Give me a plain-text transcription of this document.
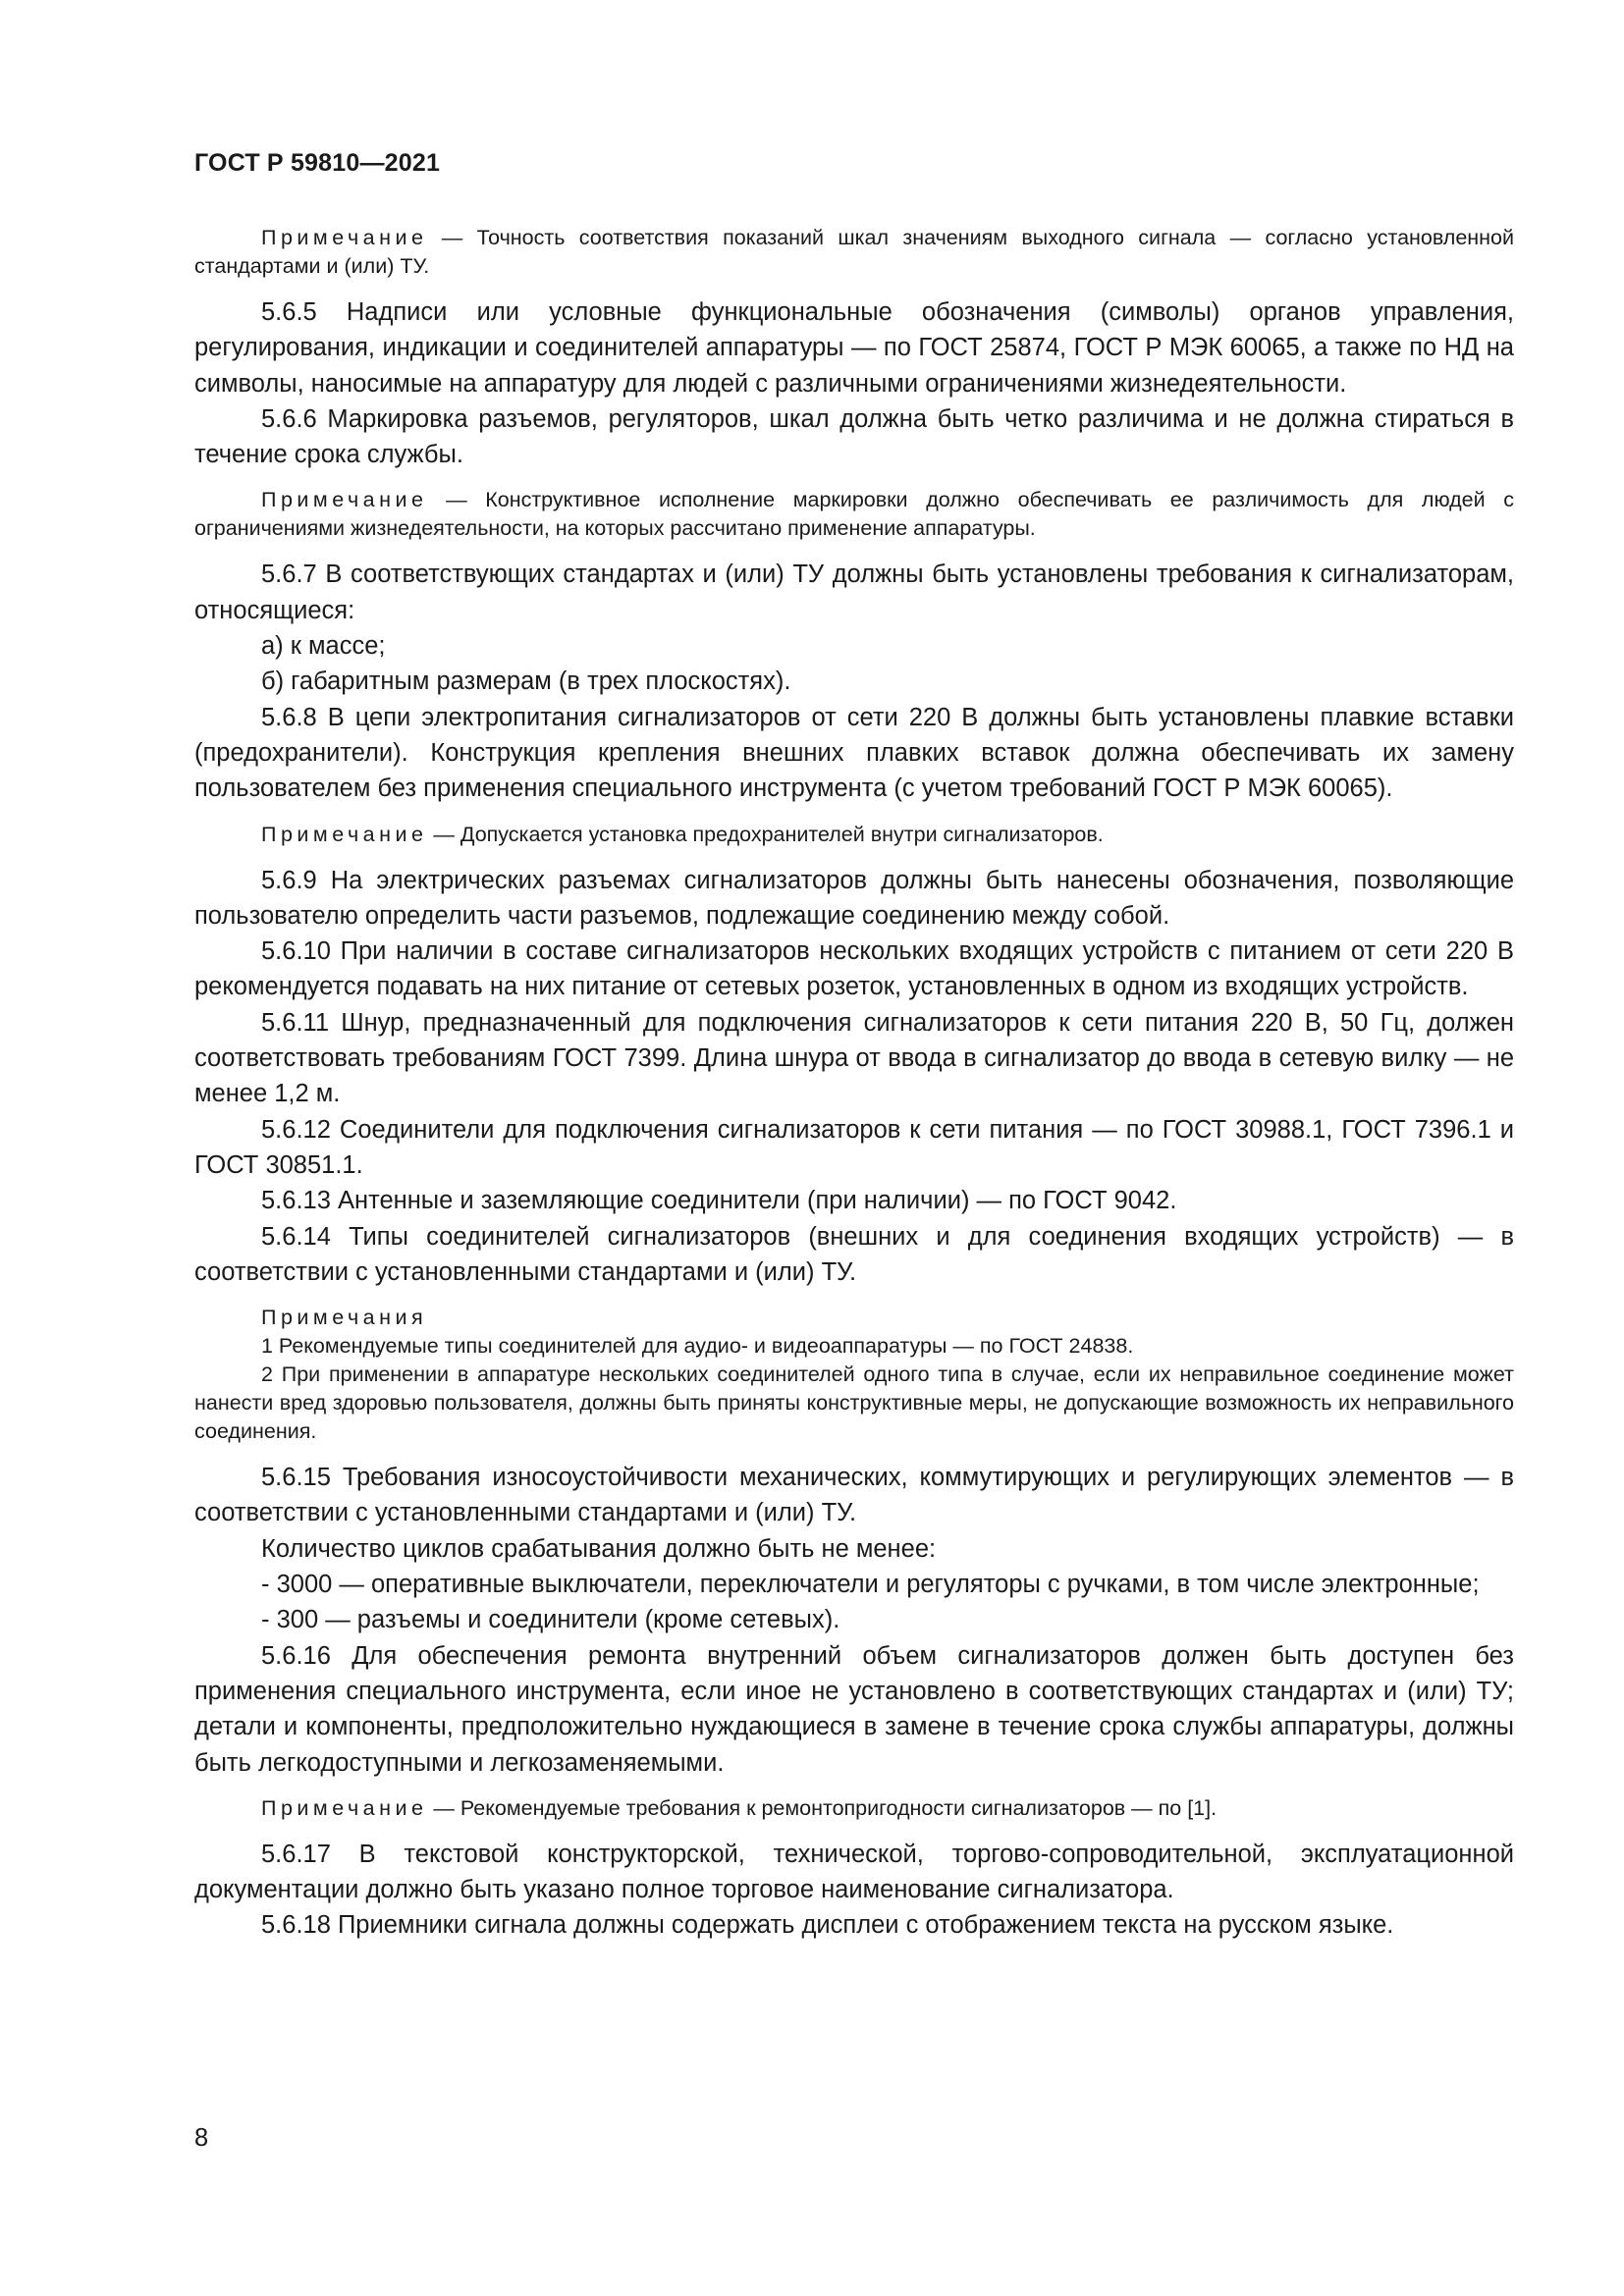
ГОСТ Р 59810—2021

Примечание — Точность соответствия показаний шкал значениям выходного сигнала — согласно установленной стандартами и (или) ТУ.

5.6.5 Надписи или условные функциональные обозначения (символы) органов управления, регулирования, индикации и соединителей аппаратуры — по ГОСТ 25874, ГОСТ Р МЭК 60065, а также по НД на символы, наносимые на аппаратуру для людей с различными ограничениями жизнедеятельности.

5.6.6 Маркировка разъемов, регуляторов, шкал должна быть четко различима и не должна стираться в течение срока службы.

Примечание — Конструктивное исполнение маркировки должно обеспечивать ее различимость для людей с ограничениями жизнедеятельности, на которых рассчитано применение аппаратуры.

5.6.7 В соответствующих стандартах и (или) ТУ должны быть установлены требования к сигнализаторам, относящиеся:

а) к массе;

б) габаритным размерам (в трех плоскостях).

5.6.8 В цепи электропитания сигнализаторов от сети 220 В должны быть установлены плавкие вставки (предохранители). Конструкция крепления внешних плавких вставок должна обеспечивать их замену пользователем без применения специального инструмента (с учетом требований ГОСТ Р МЭК 60065).

Примечание — Допускается установка предохранителей внутри сигнализаторов.

5.6.9 На электрических разъемах сигнализаторов должны быть нанесены обозначения, позволяющие пользователю определить части разъемов, подлежащие соединению между собой.

5.6.10 При наличии в составе сигнализаторов нескольких входящих устройств с питанием от сети 220 В рекомендуется подавать на них питание от сетевых розеток, установленных в одном из входящих устройств.

5.6.11 Шнур, предназначенный для подключения сигнализаторов к сети питания 220 В, 50 Гц, должен соответствовать требованиям ГОСТ 7399. Длина шнура от ввода в сигнализатор до ввода в сетевую вилку — не менее 1,2 м.

5.6.12 Соединители для подключения сигнализаторов к сети питания — по ГОСТ 30988.1, ГОСТ 7396.1 и ГОСТ 30851.1.

5.6.13 Антенные и заземляющие соединители (при наличии) — по ГОСТ 9042.

5.6.14 Типы соединителей сигнализаторов (внешних и для соединения входящих устройств) — в соответствии с установленными стандартами и (или) ТУ.

Примечания

1 Рекомендуемые типы соединителей для аудио- и видеоаппаратуры — по ГОСТ 24838.

2 При применении в аппаратуре нескольких соединителей одного типа в случае, если их неправильное соединение может нанести вред здоровью пользователя, должны быть приняты конструктивные меры, не допускающие возможность их неправильного соединения.

5.6.15 Требования износоустойчивости механических, коммутирующих и регулирующих элементов — в соответствии с установленными стандартами и (или) ТУ.

Количество циклов срабатывания должно быть не менее:

- 3000 — оперативные выключатели, переключатели и регуляторы с ручками, в том числе электронные;

- 300 — разъемы и соединители (кроме сетевых).

5.6.16 Для обеспечения ремонта внутренний объем сигнализаторов должен быть доступен без применения специального инструмента, если иное не установлено в соответствующих стандартах и (или) ТУ; детали и компоненты, предположительно нуждающиеся в замене в течение срока службы аппаратуры, должны быть легкодоступными и легкозаменяемыми.

Примечание — Рекомендуемые требования к ремонтопригодности сигнализаторов — по [1].

5.6.17 В текстовой конструкторской, технической, торгово-сопроводительной, эксплуатационной документации должно быть указано полное торговое наименование сигнализатора.

5.6.18 Приемники сигнала должны содержать дисплеи с отображением текста на русском языке.

8
